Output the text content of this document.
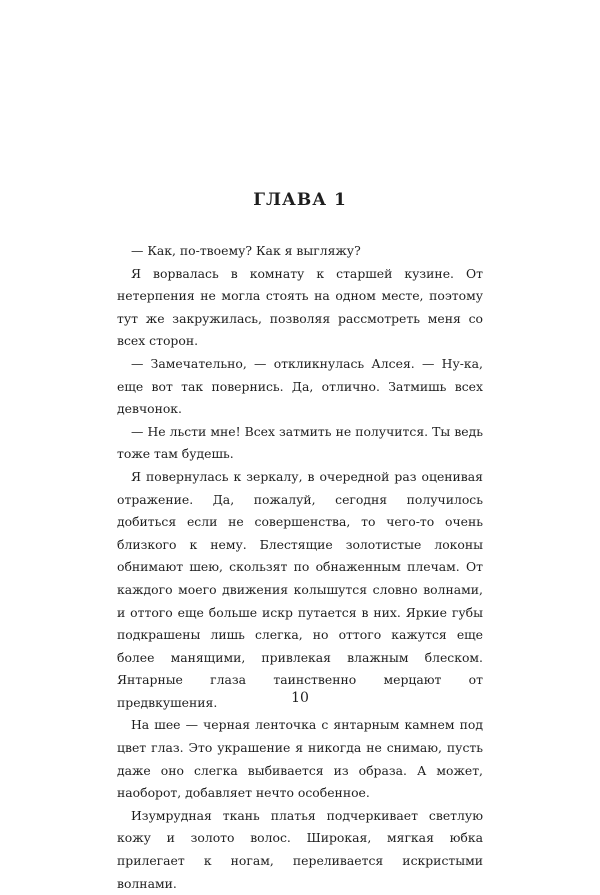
ГЛАВА 1

— Как, по-твоему? Как я выгляжу?

Я ворвалась в комнату к старшей кузине. От нетерпения не могла стоять на одном месте, поэтому тут же закружилась, позволяя рассмотреть меня со всех сторон.

— Замечательно, — откликнулась Алсея. — Ну-ка, еще вот так повернись. Да, отлично. Затмишь всех девчонок.

— Не льсти мне! Всех затмить не получится. Ты ведь тоже там будешь.

Я повернулась к зеркалу, в очередной раз оценивая отражение. Да, пожалуй, сегодня получилось добиться если не совершенства, то чего-то очень близкого к нему. Блестящие золотистые локоны обнимают шею, скользят по обнаженным плечам. От каждого моего движения колышутся словно волнами, и оттого еще больше искр путается в них. Яркие губы подкрашены лишь слегка, но оттого кажутся еще более манящими, привлекая влажным блеском. Янтарные глаза таинственно мерцают от предвкушения.

На шее — черная ленточка с янтарным камнем под цвет глаз. Это украшение я никогда не снимаю, пусть даже оно слегка выбивается из образа. А может, наоборот, добавляет нечто особенное.

Изумрудная ткань платья подчеркивает светлую кожу и золото волос. Широкая, мягкая юбка прилегает к ногам, переливается искристыми волнами.

10
